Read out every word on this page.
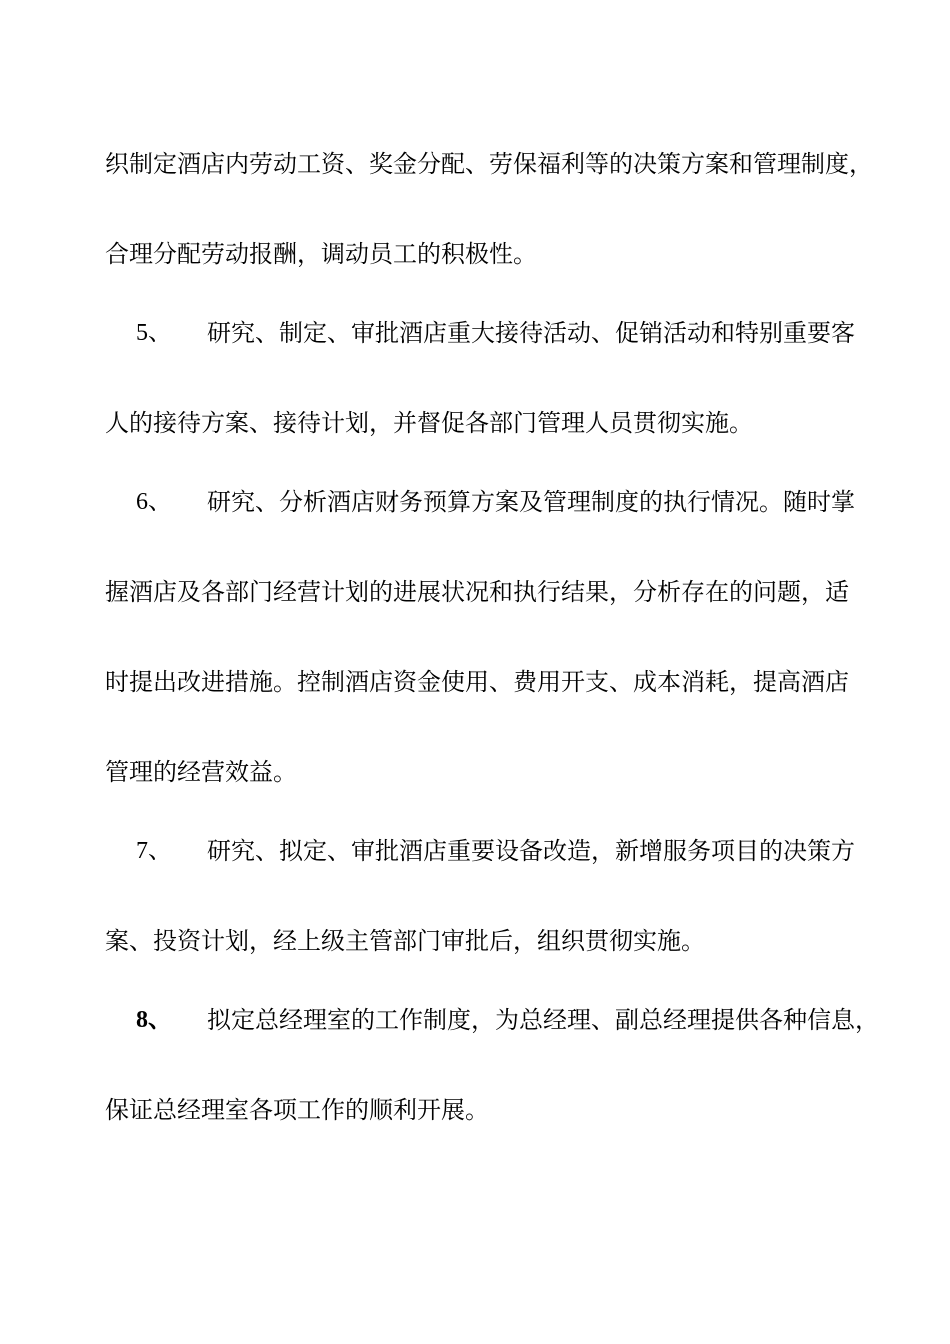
织制定酒店内劳动工资、奖金分配、劳保福利等的决策方案和管理制度，
合理分配劳动报酬，调动员工的积极性。
5、	研究、制定、审批酒店重大接待活动、促销活动和特别重要客
人的接待方案、接待计划，并督促各部门管理人员贯彻实施。
6、	研究、分析酒店财务预算方案及管理制度的执行情况。随时掌
握酒店及各部门经营计划的进展状况和执行结果，分析存在的问题，适
时提出改进措施。控制酒店资金使用、费用开支、成本消耗，提高酒店
管理的经营效益。
7、	研究、拟定、审批酒店重要设备改造，新增服务项目的决策方
案、投资计划，经上级主管部门审批后，组织贯彻实施。
8、	拟定总经理室的工作制度，为总经理、副总经理提供各种信息，
保证总经理室各项工作的顺利开展。
